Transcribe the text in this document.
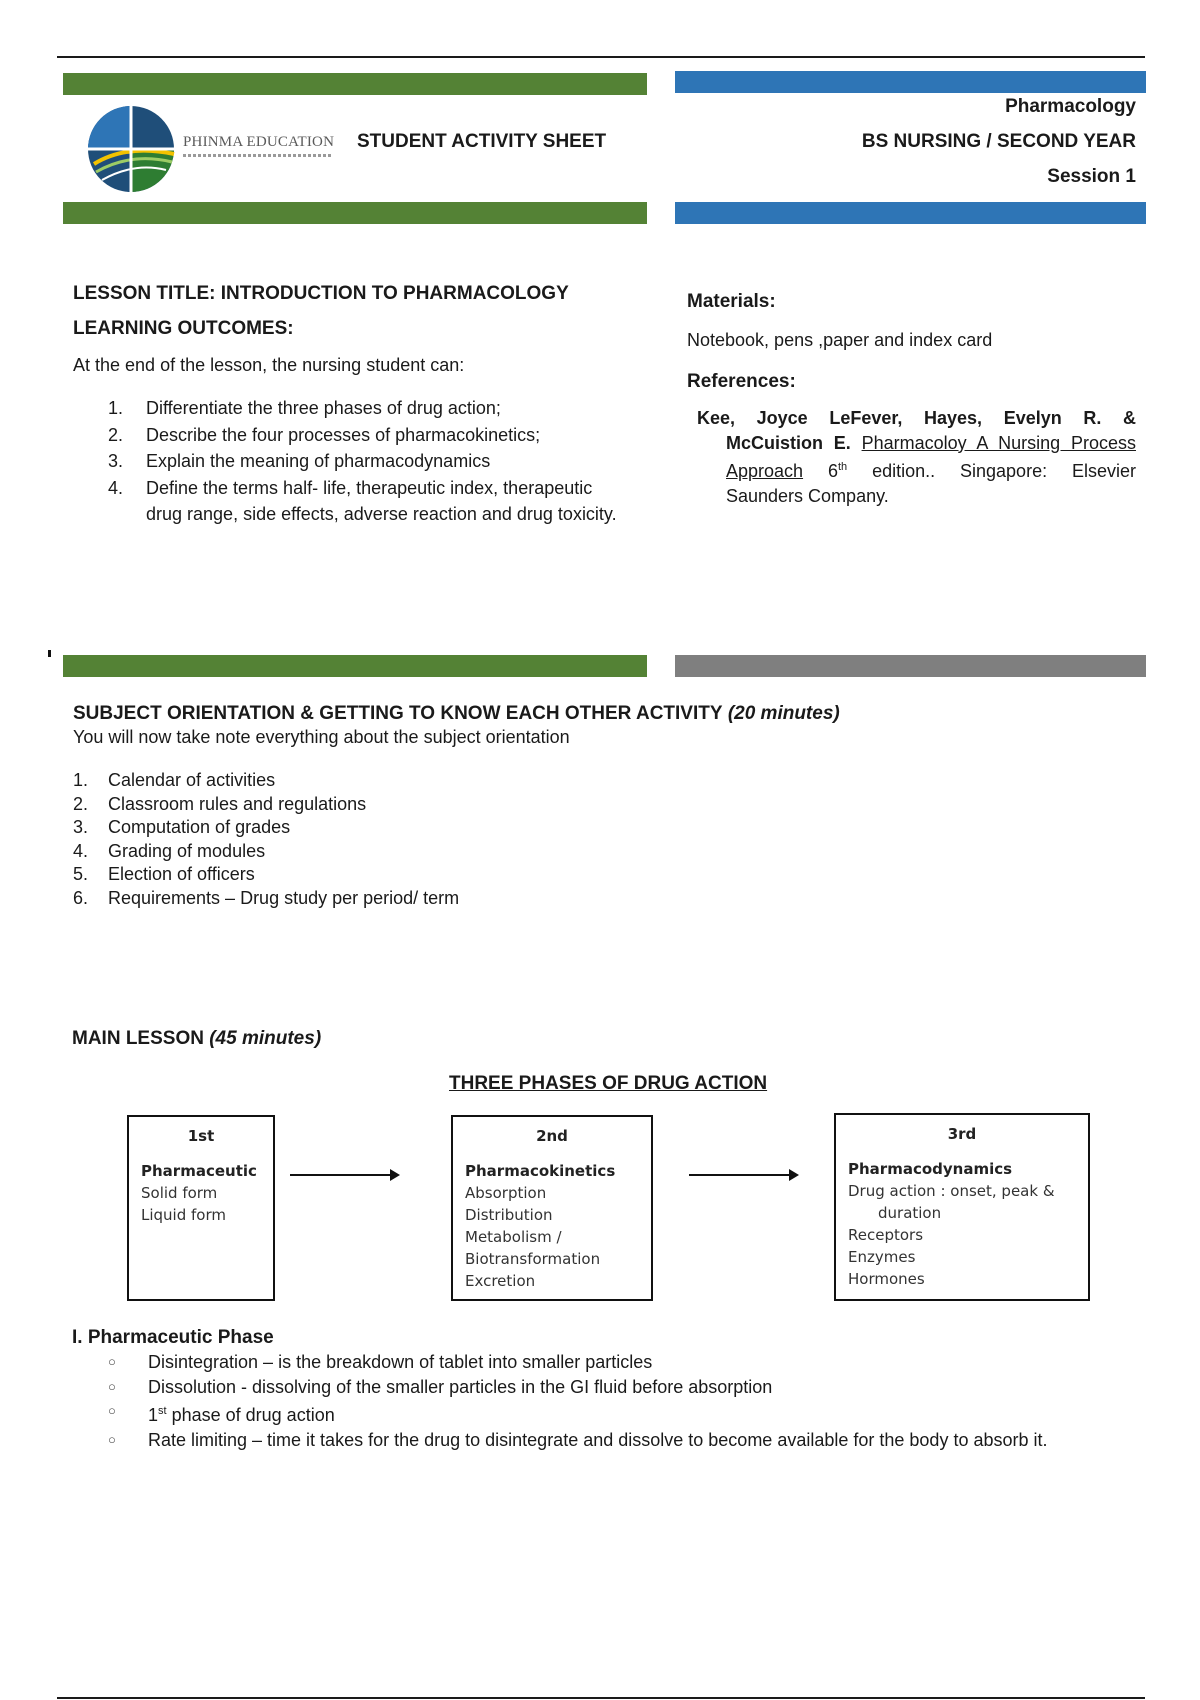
PHINMA EDUCATION STUDENT ACTIVITY SHEET
Pharmacology
BS NURSING / SECOND YEAR
Session 1
LESSON TITLE: INTRODUCTION TO PHARMACOLOGY
LEARNING OUTCOMES:
At the end of the lesson, the nursing student can:
1.	Differentiate the three phases of drug action;
2.	Describe the four processes of pharmacokinetics;
3.	Explain the meaning of pharmacodynamics
4.	Define the terms half- life, therapeutic index, therapeutic drug range, side effects, adverse reaction and drug toxicity.
Materials:
Notebook, pens ,paper and index card
References:
Kee, Joyce LeFever, Hayes, Evelyn R. & McCuistion E. Pharmacoloy A Nursing Process Approach 6th edition.. Singapore: Elsevier Saunders Company.
SUBJECT ORIENTATION & GETTING TO KNOW EACH OTHER ACTIVITY (20 minutes)
You will now take note everything about the subject orientation
1.	Calendar of activities
2.	Classroom rules and regulations
3.	Computation of grades
4.	Grading of modules
5.	Election of officers
6.	Requirements – Drug study per period/ term
MAIN LESSON (45 minutes)
THREE PHASES OF DRUG ACTION
1st
Pharmaceutic
Solid form
Liquid form
2nd
Pharmacokinetics
Absorption
Distribution
Metabolism /
Biotransformation
Excretion
3rd
Pharmacodynamics
Drug action : onset, peak &
duration
Receptors
Enzymes
Hormones
I. Pharmaceutic Phase
○	Disintegration – is the breakdown of tablet into smaller particles
○	Dissolution - dissolving of the smaller particles in the GI fluid before absorption
○	1st phase of drug action
○	Rate limiting – time it takes for the drug to disintegrate and dissolve to become available for the body to absorb it.
